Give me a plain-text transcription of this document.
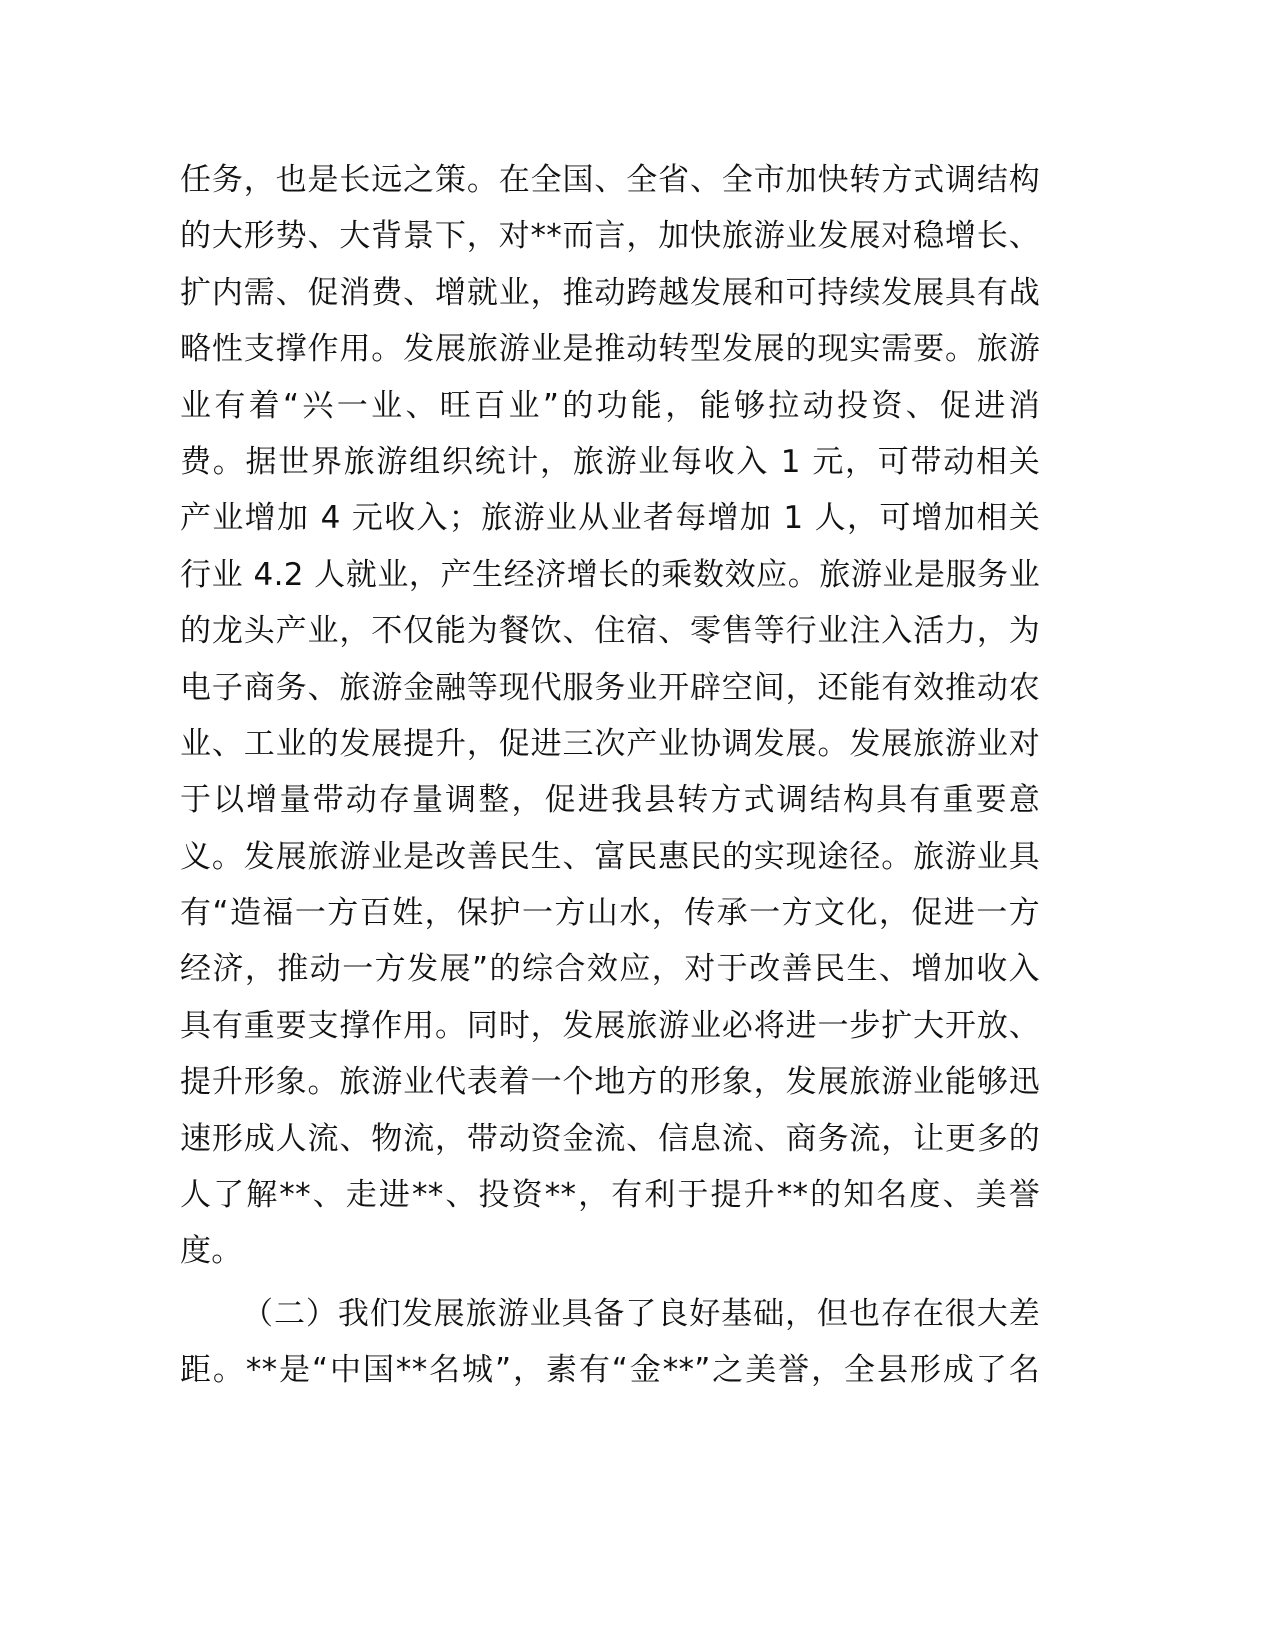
任务，也是长远之策。在全国、全省、全市加快转方式调结构
的大形势、大背景下，对**而言，加快旅游业发展对稳增长、
扩内需、促消费、增就业，推动跨越发展和可持续发展具有战
略性支撑作用。发展旅游业是推动转型发展的现实需要。旅游
业有着“兴一业、旺百业”的功能，能够拉动投资、促进消
费。据世界旅游组织统计，旅游业每收入 1 元，可带动相关
产业增加 4 元收入；旅游业从业者每增加 1 人，可增加相关
行业 4.2 人就业，产生经济增长的乘数效应。旅游业是服务业
的龙头产业，不仅能为餐饮、住宿、零售等行业注入活力，为
电子商务、旅游金融等现代服务业开辟空间，还能有效推动农
业、工业的发展提升，促进三次产业协调发展。发展旅游业对
于以增量带动存量调整，促进我县转方式调结构具有重要意
义。发展旅游业是改善民生、富民惠民的实现途径。旅游业具
有“造福一方百姓，保护一方山水，传承一方文化，促进一方
经济，推动一方发展”的综合效应，对于改善民生、增加收入
具有重要支撑作用。同时，发展旅游业必将进一步扩大开放、
提升形象。旅游业代表着一个地方的形象，发展旅游业能够迅
速形成人流、物流，带动资金流、信息流、商务流，让更多的
人了解**、走进**、投资**，有利于提升**的知名度、美誉
度。
（二）我们发展旅游业具备了良好基础，但也存在很大差
距。**是“中国**名城”，素有“金**”之美誉，全县形成了名
